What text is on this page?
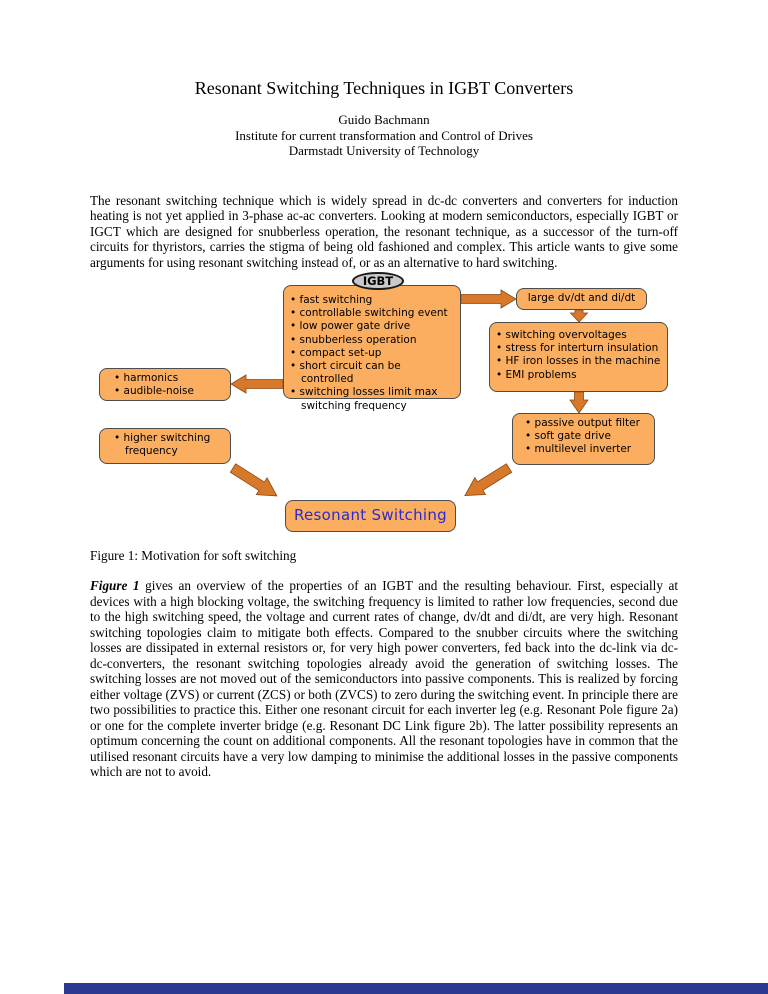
Resonant Switching Techniques in IGBT Converters
Guido Bachmann
Institute for current transformation and Control of Drives
Darmstadt University of Technology

The resonant switching technique which is widely spread in dc-dc converters and converters for induction heating is not yet applied in 3-phase ac-ac converters. Looking at modern semiconductors, especially IGBT or IGCT which are designed for snubberless operation, the resonant technique, as a successor of the turn-off circuits for thyristors, carries the stigma of being old fashioned and complex. This article wants to give some arguments for using resonant switching instead of, or as an alternative to hard switching.

IGBT
• fast switching
• controllable switching event
• low power gate drive
• snubberless operation
• compact set-up
• short circuit can be controlled
• switching losses limit max switching frequency
large dv/dt and di/dt
• switching overvoltages
• stress for interturn insulation
• HF iron losses in the machine
• EMI problems
• harmonics
• audible-noise
• higher switching frequency
• passive output filter
• soft gate drive
• multilevel inverter
Resonant Switching

Figure 1: Motivation for soft switching

Figure 1 gives an overview of the properties of an IGBT and the resulting behaviour. First, especially at devices with a high blocking voltage, the switching frequency is limited to rather low frequencies, second due to the high switching speed, the voltage and current rates of change, dv/dt and di/dt, are very high. Resonant switching topologies claim to mitigate both effects. Compared to the snubber circuits where the switching losses are dissipated in external resistors or, for very high power converters, fed back into the dc-link via dc-dc-converters, the resonant switching topologies already avoid the generation of switching losses. The switching losses are not moved out of the semiconductors into passive components. This is realized by forcing either voltage (ZVS) or current (ZCS) or both (ZVCS) to zero during the switching event. In principle there are two possibilities to practice this. Either one resonant circuit for each inverter leg (e.g. Resonant Pole figure 2a) or one for the complete inverter bridge (e.g. Resonant DC Link figure 2b). The latter possibility represents an optimum concerning the count on additional components. All the resonant topologies have in common that the utilised resonant circuits have a very low damping to minimise the additional losses in the passive components which are not to avoid.
